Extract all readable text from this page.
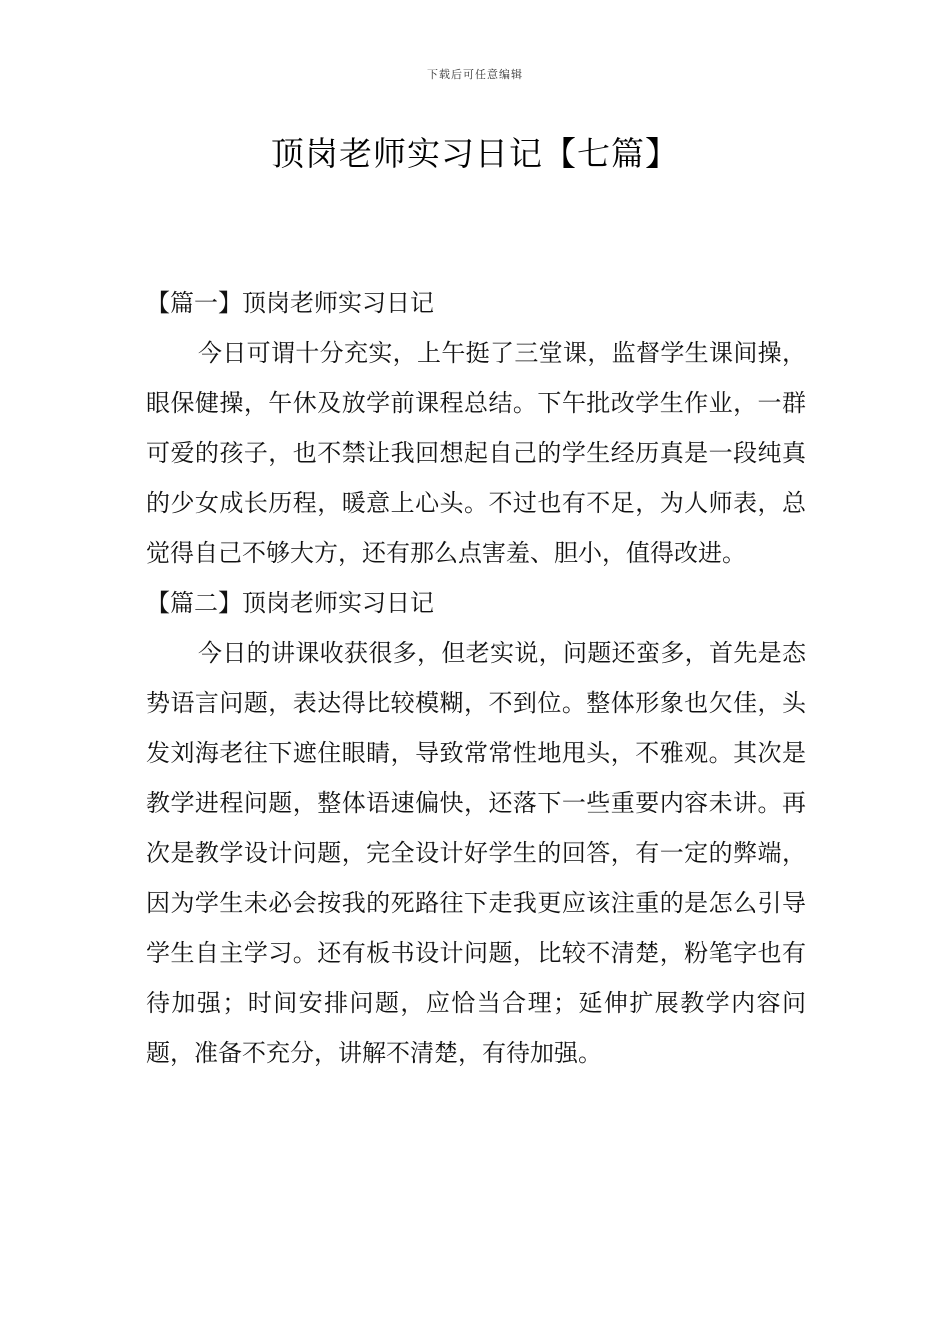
下载后可任意编辑
顶岗老师实习日记【七篇】
【篇一】顶岗老师实习日记

今日可谓十分充实，上午挺了三堂课，监督学生课间操，眼保健操，午休及放学前课程总结。下午批改学生作业，一群可爱的孩子，也不禁让我回想起自己的学生经历真是一段纯真的少女成长历程，暖意上心头。不过也有不足，为人师表，总觉得自己不够大方，还有那么点害羞、胆小，值得改进。

【篇二】顶岗老师实习日记

今日的讲课收获很多，但老实说，问题还蛮多，首先是态势语言问题，表达得比较模糊，不到位。整体形象也欠佳，头发刘海老往下遮住眼睛，导致常常性地甩头，不雅观。其次是教学进程问题，整体语速偏快，还落下一些重要内容未讲。再次是教学设计问题，完全设计好学生的回答，有一定的弊端，因为学生未必会按我的死路往下走我更应该注重的是怎么引导学生自主学习。还有板书设计问题，比较不清楚，粉笔字也有待加强；时间安排问题，应恰当合理；延伸扩展教学内容问题，准备不充分，讲解不清楚，有待加强。
